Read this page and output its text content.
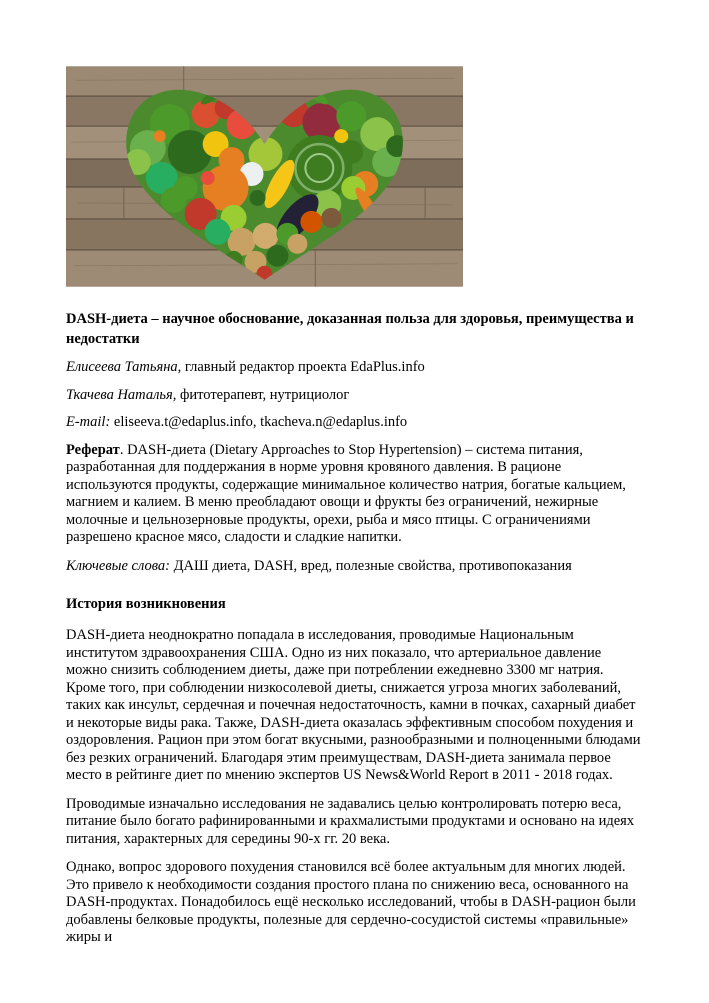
DASH-диета – научное обоснование, доказанная польза для здоровья, преимущества и недостатки

Елисеева Татьяна, главный редактор проекта EdaPlus.info

Ткачева Наталья, фитотерапевт, нутрициолог

E-mail: eliseeva.t@edaplus.info, tkacheva.n@edaplus.info

Реферат. DASH-диета (Dietary Approaches to Stop Hypertension) – система питания, разработанная для поддержания в норме уровня кровяного давления. В рационе используются продукты, содержащие минимальное количество натрия, богатые кальцием, магнием и калием. В меню преобладают овощи и фрукты без ограничений, нежирные молочные и цельнозерновые продукты, орехи, рыба и мясо птицы. С ограничениями разрешено красное мясо, сладости и сладкие напитки.

Ключевые слова: ДАШ диета, DASH, вред, полезные свойства, противопоказания

История возникновения

DASH-диета неоднократно попадала в исследования, проводимые Национальным институтом здравоохранения США. Одно из них показало, что артериальное давление можно снизить соблюдением диеты, даже при потреблении ежедневно 3300 мг натрия. Кроме того, при соблюдении низкосолевой диеты, снижается угроза многих заболеваний, таких как инсульт, сердечная и почечная недостаточность, камни в почках, сахарный диабет и некоторые виды рака. Также, DASH-диета оказалась эффективным способом похудения и оздоровления. Рацион при этом богат вкусными, разнообразными и полноценными блюдами без резких ограничений. Благодаря этим преимуществам, DASH-диета занимала первое место в рейтинге диет по мнению экспертов US News&World Report в 2011 - 2018 годах.

Проводимые изначально исследования не задавались целью контролировать потерю веса, питание было богато рафинированными и крахмалистыми продуктами и основано на идеях питания, характерных для середины 90-х гг. 20 века.

Однако, вопрос здорового похудения становился всё более актуальным для многих людей. Это привело к необходимости создания простого плана по снижению веса, основанного на DASH-продуктах. Понадобилось ещё несколько исследований, чтобы в DASH-рацион были добавлены белковые продукты, полезные для сердечно-сосудистой системы «правильные» жиры и
